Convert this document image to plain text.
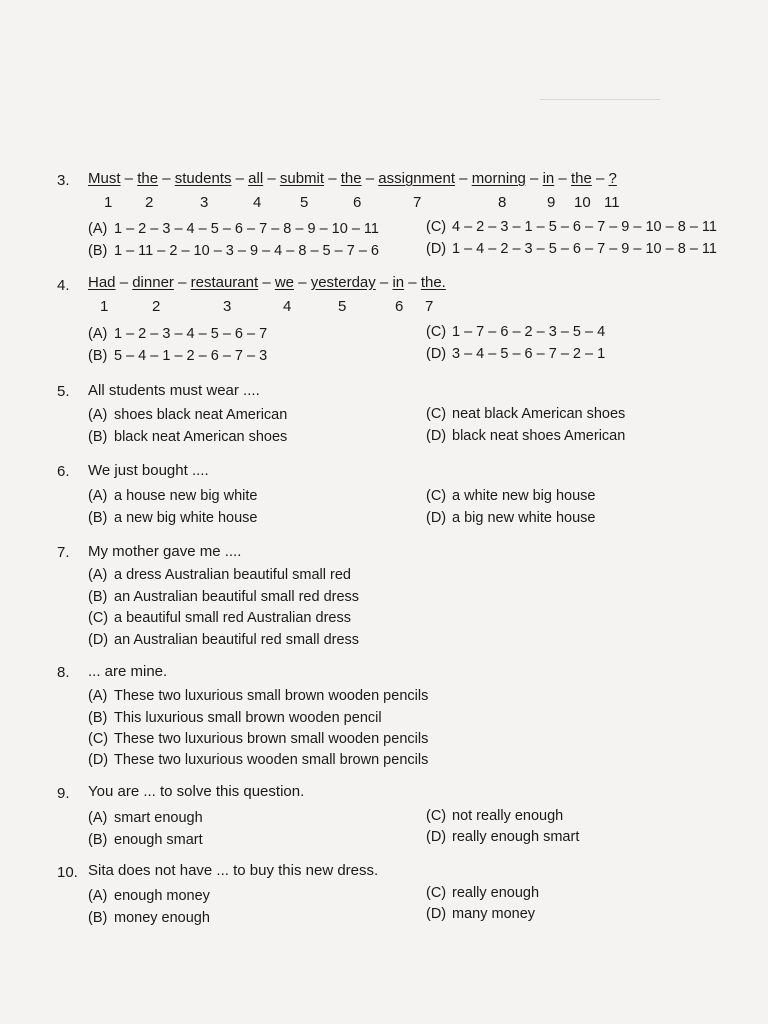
3. Must – the – students – all – submit – the – assignment – morning – in – the – ?
1 2	3	4	5	6	7	8	9 10 11
(A) 1 – 2 – 3 – 4 – 5 – 6 – 7 – 8 – 9 – 10 – 11
(B) 1 – 11 – 2 – 10 – 3 – 9 – 4 – 8 – 5 – 7 – 6
(C) 4 – 2 – 3 – 1 – 5 – 6 – 7 – 9 – 10 – 8 – 11
(D) 1 – 4 – 2 – 3 – 5 – 6 – 7 – 9 – 10 – 8 – 11
4. Had – dinner – restaurant – we – yesterday – in – the.
1	2	3	4	5	6 7
(A) 1 – 2 – 3 – 4 – 5 – 6 – 7
(B) 5 – 4 – 1 – 2 – 6 – 7 – 3
(C) 1 – 7 – 6 – 2 – 3 – 5 – 4
(D) 3 – 4 – 5 – 6 – 7 – 2 – 1
5. All students must wear ....
(A) shoes black neat American
(B) black neat American shoes
(C) neat black American shoes
(D) black neat shoes American
6. We just bought ....
(A) a house new big white
(B) a new big white house
(C) a white new big house
(D) a big new white house
7. My mother gave me ....
(A) a dress Australian beautiful small red
(B) an Australian beautiful small red dress
(C) a beautiful small red Australian dress
(D) an Australian beautiful red small dress
8. ... are mine.
(A) These two luxurious small brown wooden pencils
(B) This luxurious small brown wooden pencil
(C) These two luxurious brown small wooden pencils
(D) These two luxurious wooden small brown pencils
9. You are ... to solve this question.
(A) smart enough
(B) enough smart
(C) not really enough
(D) really enough smart
10. Sita does not have ... to buy this new dress.
(A) enough money
(B) money enough
(C) really enough
(D) many money
